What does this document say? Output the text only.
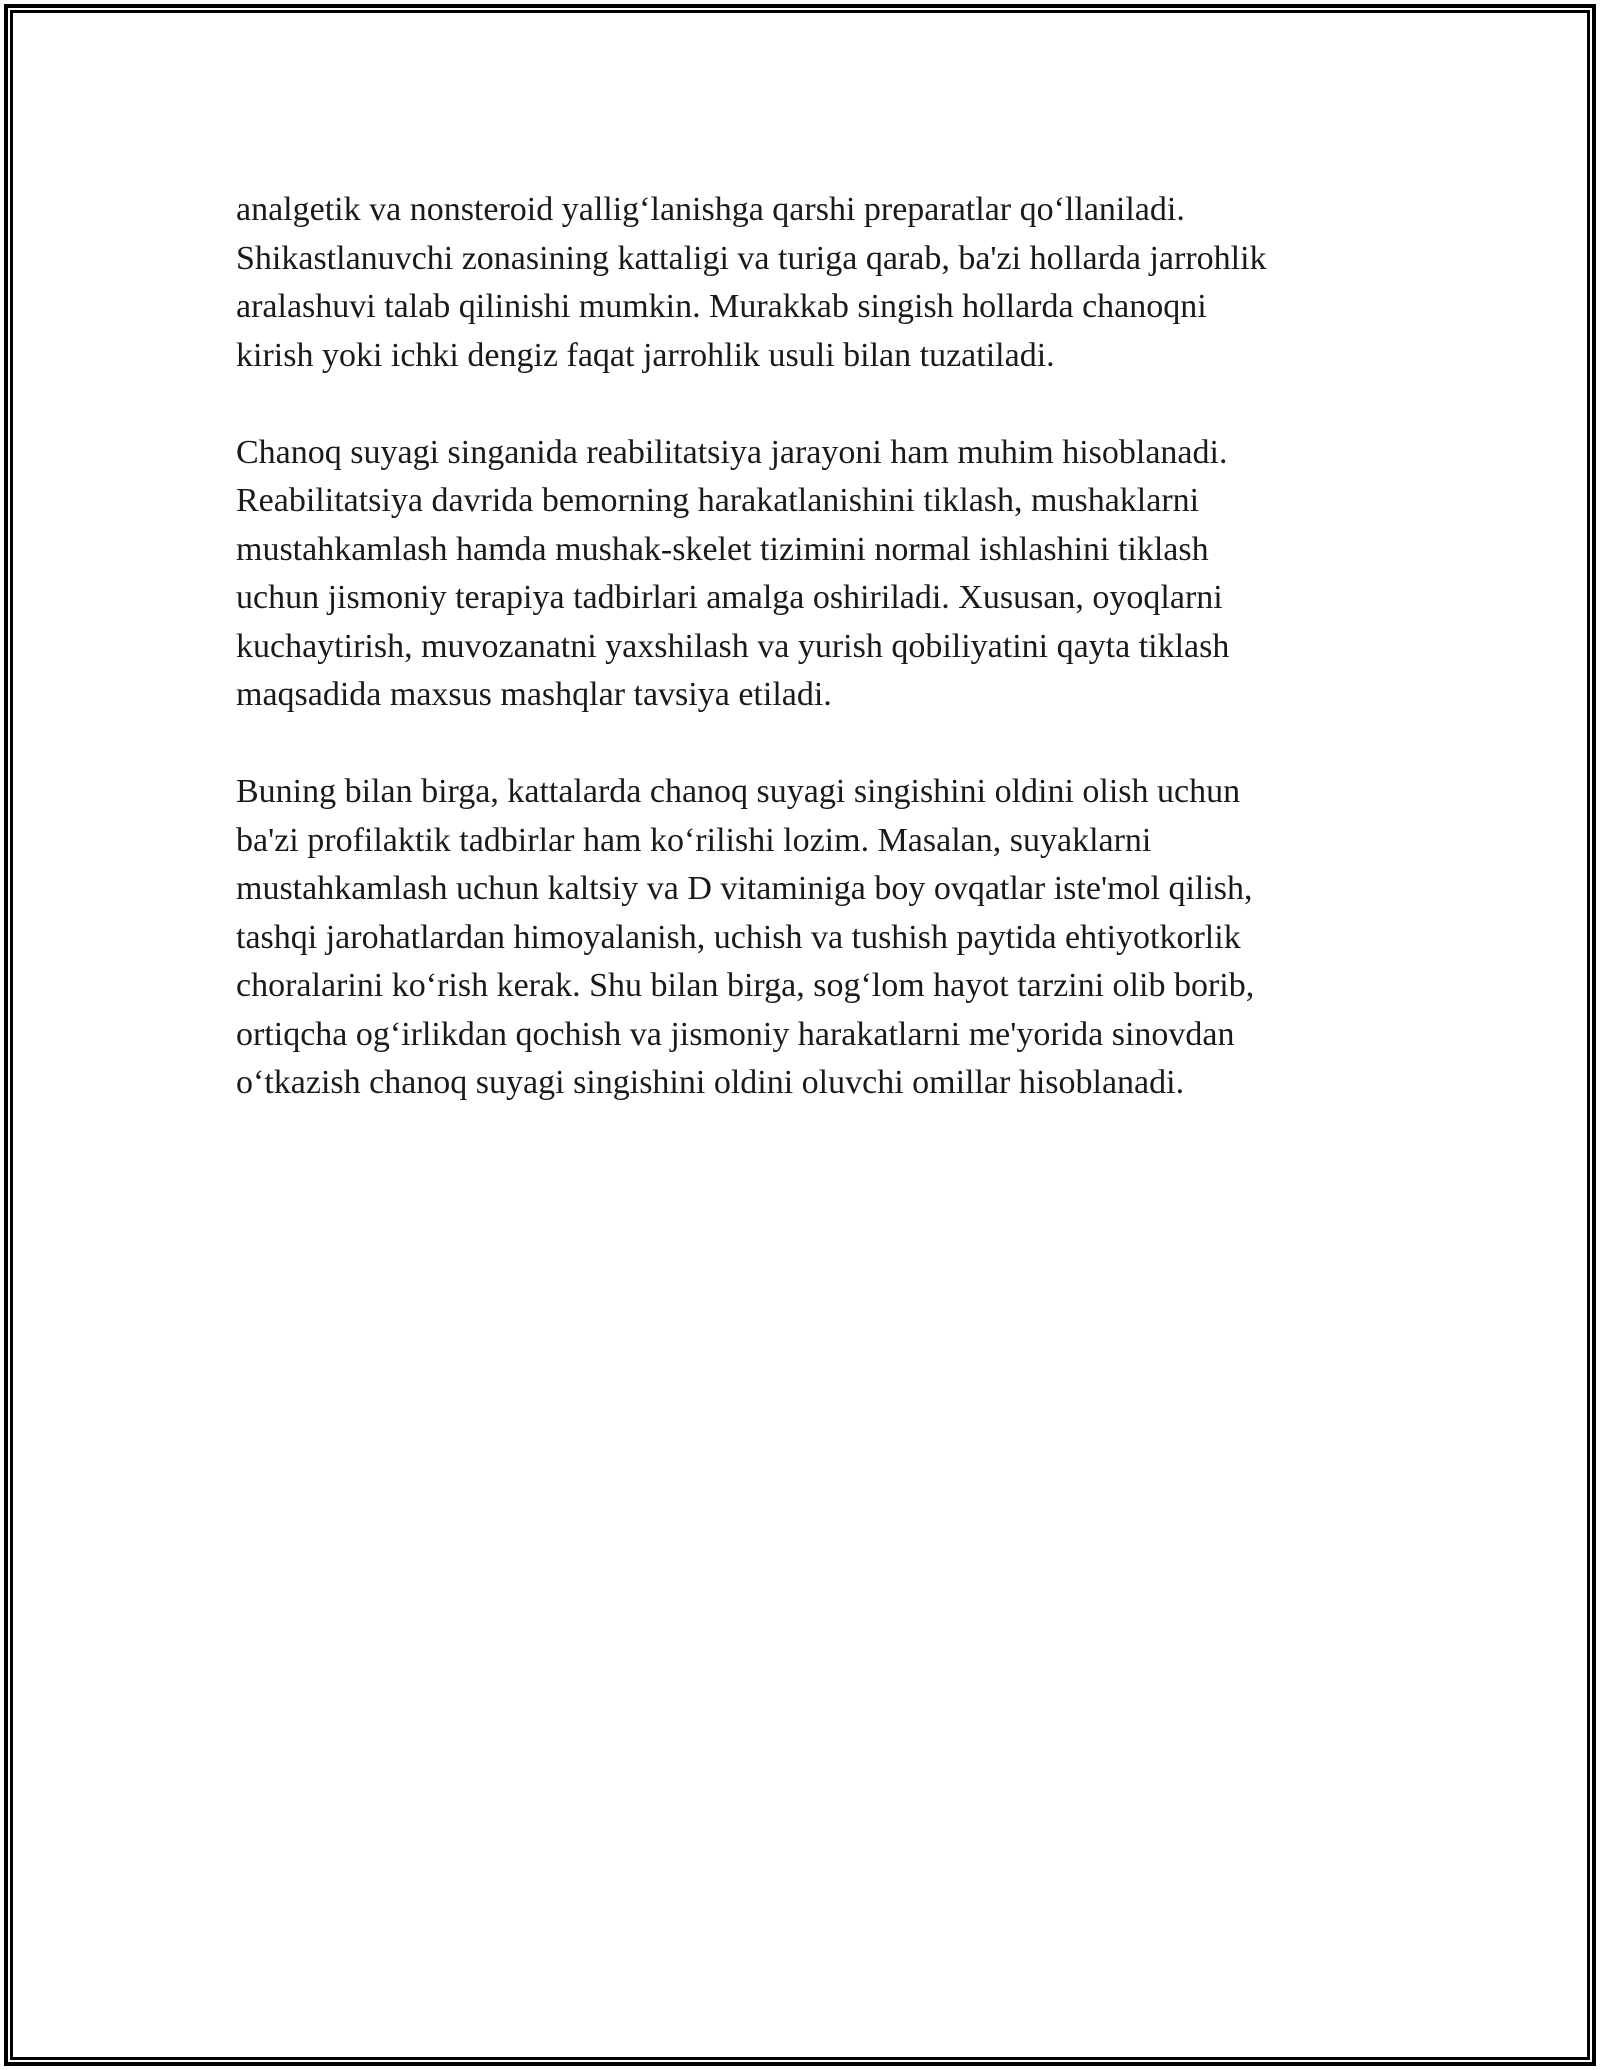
analgetik va nonsteroid yallig‘lanishga qarshi preparatlar qo‘llaniladi.
Shikastlanuvchi zonasining kattaligi va turiga qarab, ba'zi hollarda jarrohlik
aralashuvi talab qilinishi mumkin. Murakkab singish hollarda chanoqni
kirish yoki ichki dengiz faqat jarrohlik usuli bilan tuzatiladi.

Chanoq suyagi singanida reabilitatsiya jarayoni ham muhim hisoblanadi.
Reabilitatsiya davrida bemorning harakatlanishini tiklash, mushaklarni
mustahkamlash hamda mushak-skelet tizimini normal ishlashini tiklash
uchun jismoniy terapiya tadbirlari amalga oshiriladi. Xususan, oyoqlarni
kuchaytirish, muvozanatni yaxshilash va yurish qobiliyatini qayta tiklash
maqsadida maxsus mashqlar tavsiya etiladi.

Buning bilan birga, kattalarda chanoq suyagi singishini oldini olish uchun
ba'zi profilaktik tadbirlar ham ko‘rilishi lozim. Masalan, suyaklarni
mustahkamlash uchun kaltsiy va D vitaminiga boy ovqatlar iste'mol qilish,
tashqi jarohatlardan himoyalanish, uchish va tushish paytida ehtiyotkorlik
choralarini ko‘rish kerak. Shu bilan birga, sog‘lom hayot tarzini olib borib,
ortiqcha og‘irlikdan qochish va jismoniy harakatlarni me'yorida sinovdan
o‘tkazish chanoq suyagi singishini oldini oluvchi omillar hisoblanadi.
